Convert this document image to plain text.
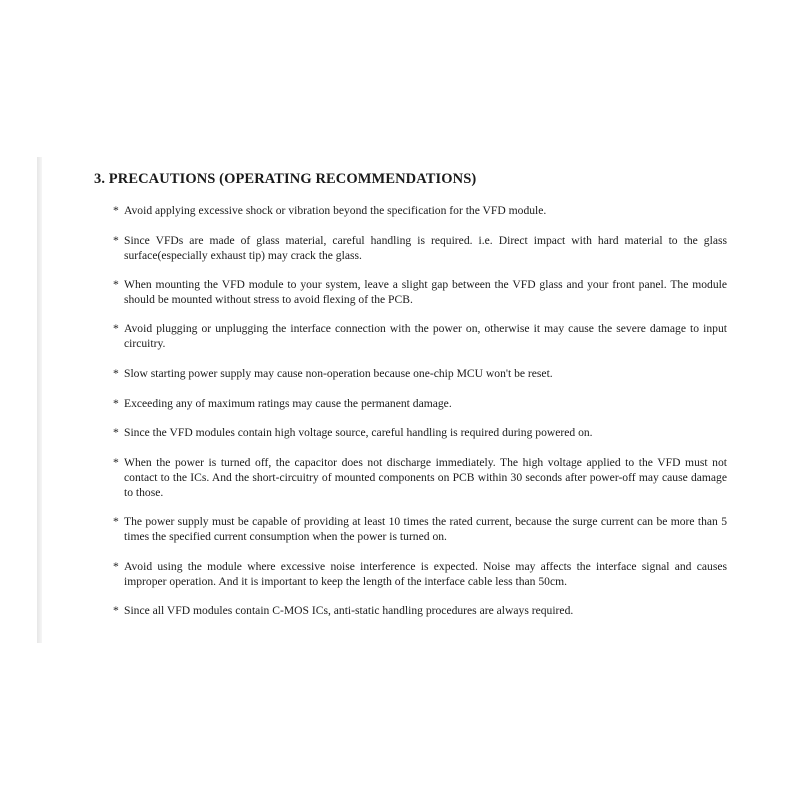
3. PRECAUTIONS (OPERATING RECOMMENDATIONS)
* Avoid applying excessive shock or vibration beyond the specification for the VFD module.
* Since VFDs are made of glass material, careful handling is required. i.e. Direct impact with hard material to the glass surface(especially exhaust tip) may crack the glass.
* When mounting the VFD module to your system, leave a slight gap between the VFD glass and your front panel. The module should be mounted without stress to avoid flexing of the PCB.
* Avoid plugging or unplugging the interface connection with the power on, otherwise it may cause the severe damage to input circuitry.
* Slow starting power supply may cause non-operation because one-chip MCU won't be reset.
* Exceeding any of maximum ratings may cause the permanent damage.
* Since the VFD modules contain high voltage source, careful handling is required during powered on.
* When the power is turned off, the capacitor does not discharge immediately. The high voltage applied to the VFD must not contact to the ICs. And the short-circuitry of mounted components on PCB within 30 seconds after power-off may cause damage to those.
* The power supply must be capable of providing at least 10 times the rated current, because the surge current can be more than 5 times the specified current consumption when the power is turned on.
* Avoid using the module where excessive noise interference is expected. Noise may affects the interface signal and causes improper operation. And it is important to keep the length of the interface cable less than 50cm.
* Since all VFD modules contain C-MOS ICs, anti-static handling procedures are always required.
